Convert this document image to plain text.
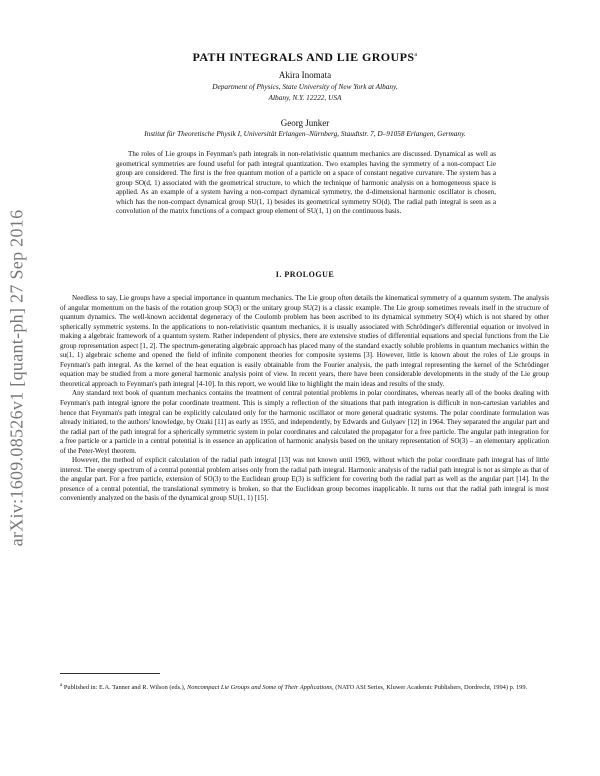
arXiv:1609.08526v1 [quant-ph] 27 Sep 2016
PATH INTEGRALS AND LIE GROUPS$^a$
Akira Inomata
Department of Physics, State University of New York at Albany,
Albany, N.Y. 12222, USA
Georg Junker
Institut für Theoretische Physik I, Universität Erlangen–Nürnberg, Staudtstr. 7, D–91058 Erlangen, Germany.
The roles of Lie groups in Feynman's path integrals in non-relativistic quantum mechanics are discussed. Dynamical as well as geometrical symmetries are found useful for path integral quantization. Two examples having the symmetry of a non-compact Lie group are considered. The first is the free quantum motion of a particle on a space of constant negative curvature. The system has a group SO(d, 1) associated with the geometrical structure, to which the technique of harmonic analysis on a homogeneous space is applied. As an example of a system having a non-compact dynamical symmetry, the d-dimensional harmonic oscillator is chosen, which has the non-compact dynamical group SU(1, 1) besides its geometrical symmetry SO(d). The radial path integral is seen as a convolution of the matrix functions of a compact group element of SU(1, 1) on the continuous basis.
I. PROLOGUE

Needless to say, Lie groups have a special importance in quantum mechanics. The Lie group often details the kinematical symmetry of a quantum system. The analysis of angular momentum on the basis of the rotation group SO(3) or the unitary group SU(2) is a classic example. The Lie group sometimes reveals itself in the structure of quantum dynamics. The well-known accidental degeneracy of the Coulomb problem has been ascribed to its dynamical symmetry SO(4) which is not shared by other spherically symmetric systems. In the applications to non-relativistic quantum mechanics, it is usually associated with Schrödinger's differential equation or involved in making a algebraic framework of a quantum system. Rather independent of physics, there are extensive studies of differential equations and special functions from the Lie group representation aspect [1, 2]. The spectrum-generating algebraic approach has placed many of the standard exactly soluble problems in quantum mechanics within the su(1, 1) algebraic scheme and opened the field of infinite component theories for composite systems [3]. However, little is known about the roles of Lie groups in Feynman's path integral. As the kernel of the heat equation is easily obtainable from the Fourier analysis, the path integral representing the kernel of the Schrödinger equation may be studied from a more general harmonic analysis point of view. In recent years, there have been considerable developments in the study of the Lie group theoretical approach to Feynman's path integral [4-10]. In this report, we would like to highlight the main ideas and results of the study.

Any standard text book of quantum mechanics contains the treatment of central potential problems in polar coordinates, whereas nearly all of the books dealing with Feynman's path integral ignore the polar coordinate treatment. This is simply a reflection of the situations that path integration is difficult in non-cartesian variables and hence that Feynman's path integral can be explicitly calculated only for the harmonic oscillator or more general quadratic systems. The polar coordinate formulation was already initiated, to the authors' knowledge, by Ozaki [11] as early as 1955, and independently, by Edwards and Gulyaev [12] in 1964. They separated the angular part and the radial part of the path integral for a spherically symmetric system in polar coordinates and calculated the propagator for a free particle. The angular path integration for a free particle or a particle in a central potential is in essence an application of harmonic analysis based on the unitary representation of SO(3) – an elementary application of the Peter-Weyl theorem.

However, the method of explicit calculation of the radial path integral [13] was not known until 1969, without which the polar coordinate path integral has of little interest. The energy spectrum of a central potential problem arises only from the radial path integral. Harmonic analysis of the radial path integral is not as simple as that of the angular part. For a free particle, extension of SO(3) to the Euclidean group E(3) is sufficient for covering both the radial part as well as the angular part [14]. In the presence of a central potential, the translational symmetry is broken, so that the Euclidean group becomes inapplicable. It turns out that the radial path integral is most conveniently analyzed on the basis of the dynamical group SU(1, 1) [15].

$^a$ Published in: E.A. Tanner and R. Wilson (eds.), Noncompact Lie Groups and Some of Their Applications, (NATO ASI Series, Kluwer Academic Publishers, Dordrecht, 1994) p. 199.
